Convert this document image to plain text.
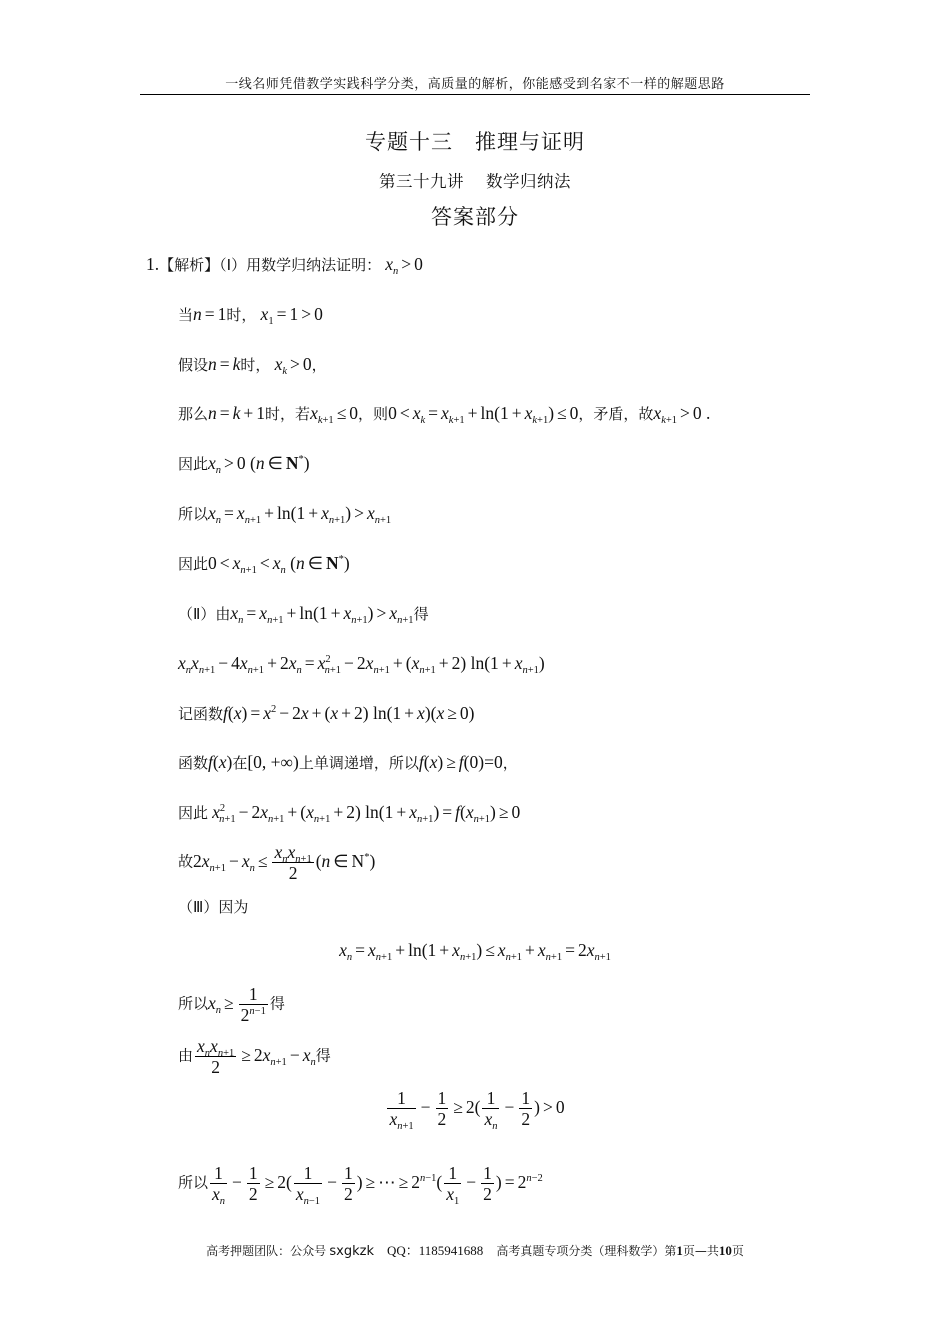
一线名师凭借教学实践科学分类，高质量的解析，你能感受到名家不一样的解题思路
专题十三 推理与证明
第三十九讲 数学归纳法
答案部分
1.【解析】（Ⅰ）用数学归纳法证明： $x_n > 0$
当n = 1时， $x_1 = 1 > 0$
假设n = k时， $x_k > 0$，
那么n = k + 1时，若$x_{k+1} \le 0$，则$0 < x_k = x_{k+1} + \ln(1 + x_{k+1}) \le 0$，矛盾，故$x_{k+1} > 0$ .
因此$x_n > 0$ (n ∈ N*)
所以$x_n = x_{n+1} + \ln(1 + x_{n+1}) > x_{n+1}$
因此$0 < x_{n+1} < x_n$ (n ∈ N*)
（Ⅱ）由$x_n = x_{n+1} + \ln(1 + x_{n+1}) > x_{n+1}$得
$x_nx_{n+1} - 4x_{n+1} + 2x_n = x^2_{n+1} - 2x_{n+1} + (x_{n+1} + 2) \ln(1 + x_{n+1})$
记函数$f(x) = x^2 - 2x + (x + 2) \ln(1 + x)(x \ge 0)$
函数f(x)在[0, +∞)上单调递增，所以f(x) ≥ f(0)=0，
因此 $x^2_{n+1} - 2x_{n+1} + (x_{n+1} + 2) \ln(1 + x_{n+1}) = f(x_{n+1}) \ge 0$
故$2x_{n+1} - x_n \le \frac{x_nx_{n+1}}{2} (n$ ∈ N*)
（Ⅲ）因为
$x_n = x_{n+1} + \ln(1 + x_{n+1}) \le x_{n+1} + x_{n+1} = 2x_{n+1}$
所以$x_n \ge \frac{1}{2^{n-1}}$ 得
由 $\frac{x_nx_{n+1}}{2} \ge 2x_{n+1} - x_n$得
$\frac{1}{x_{n+1}} - \frac{1}{2} \ge 2( \frac{1}{x_n} - \frac{1}{2}$ ) > 0
所以 $\frac{1}{x_n} - \frac{1}{2} \ge 2( \frac{1}{x_{n-1}} - \frac{1}{2}$ ) ≥ ⋯ ≥ $2^{n-1}( \frac{1}{x_1} - \frac{1}{2}$ ) = $2^{n-2}$
高考押题团队：公众号 sxgkzk QQ：1185941688 高考真题专项分类（理科数学）第1页—共10页
